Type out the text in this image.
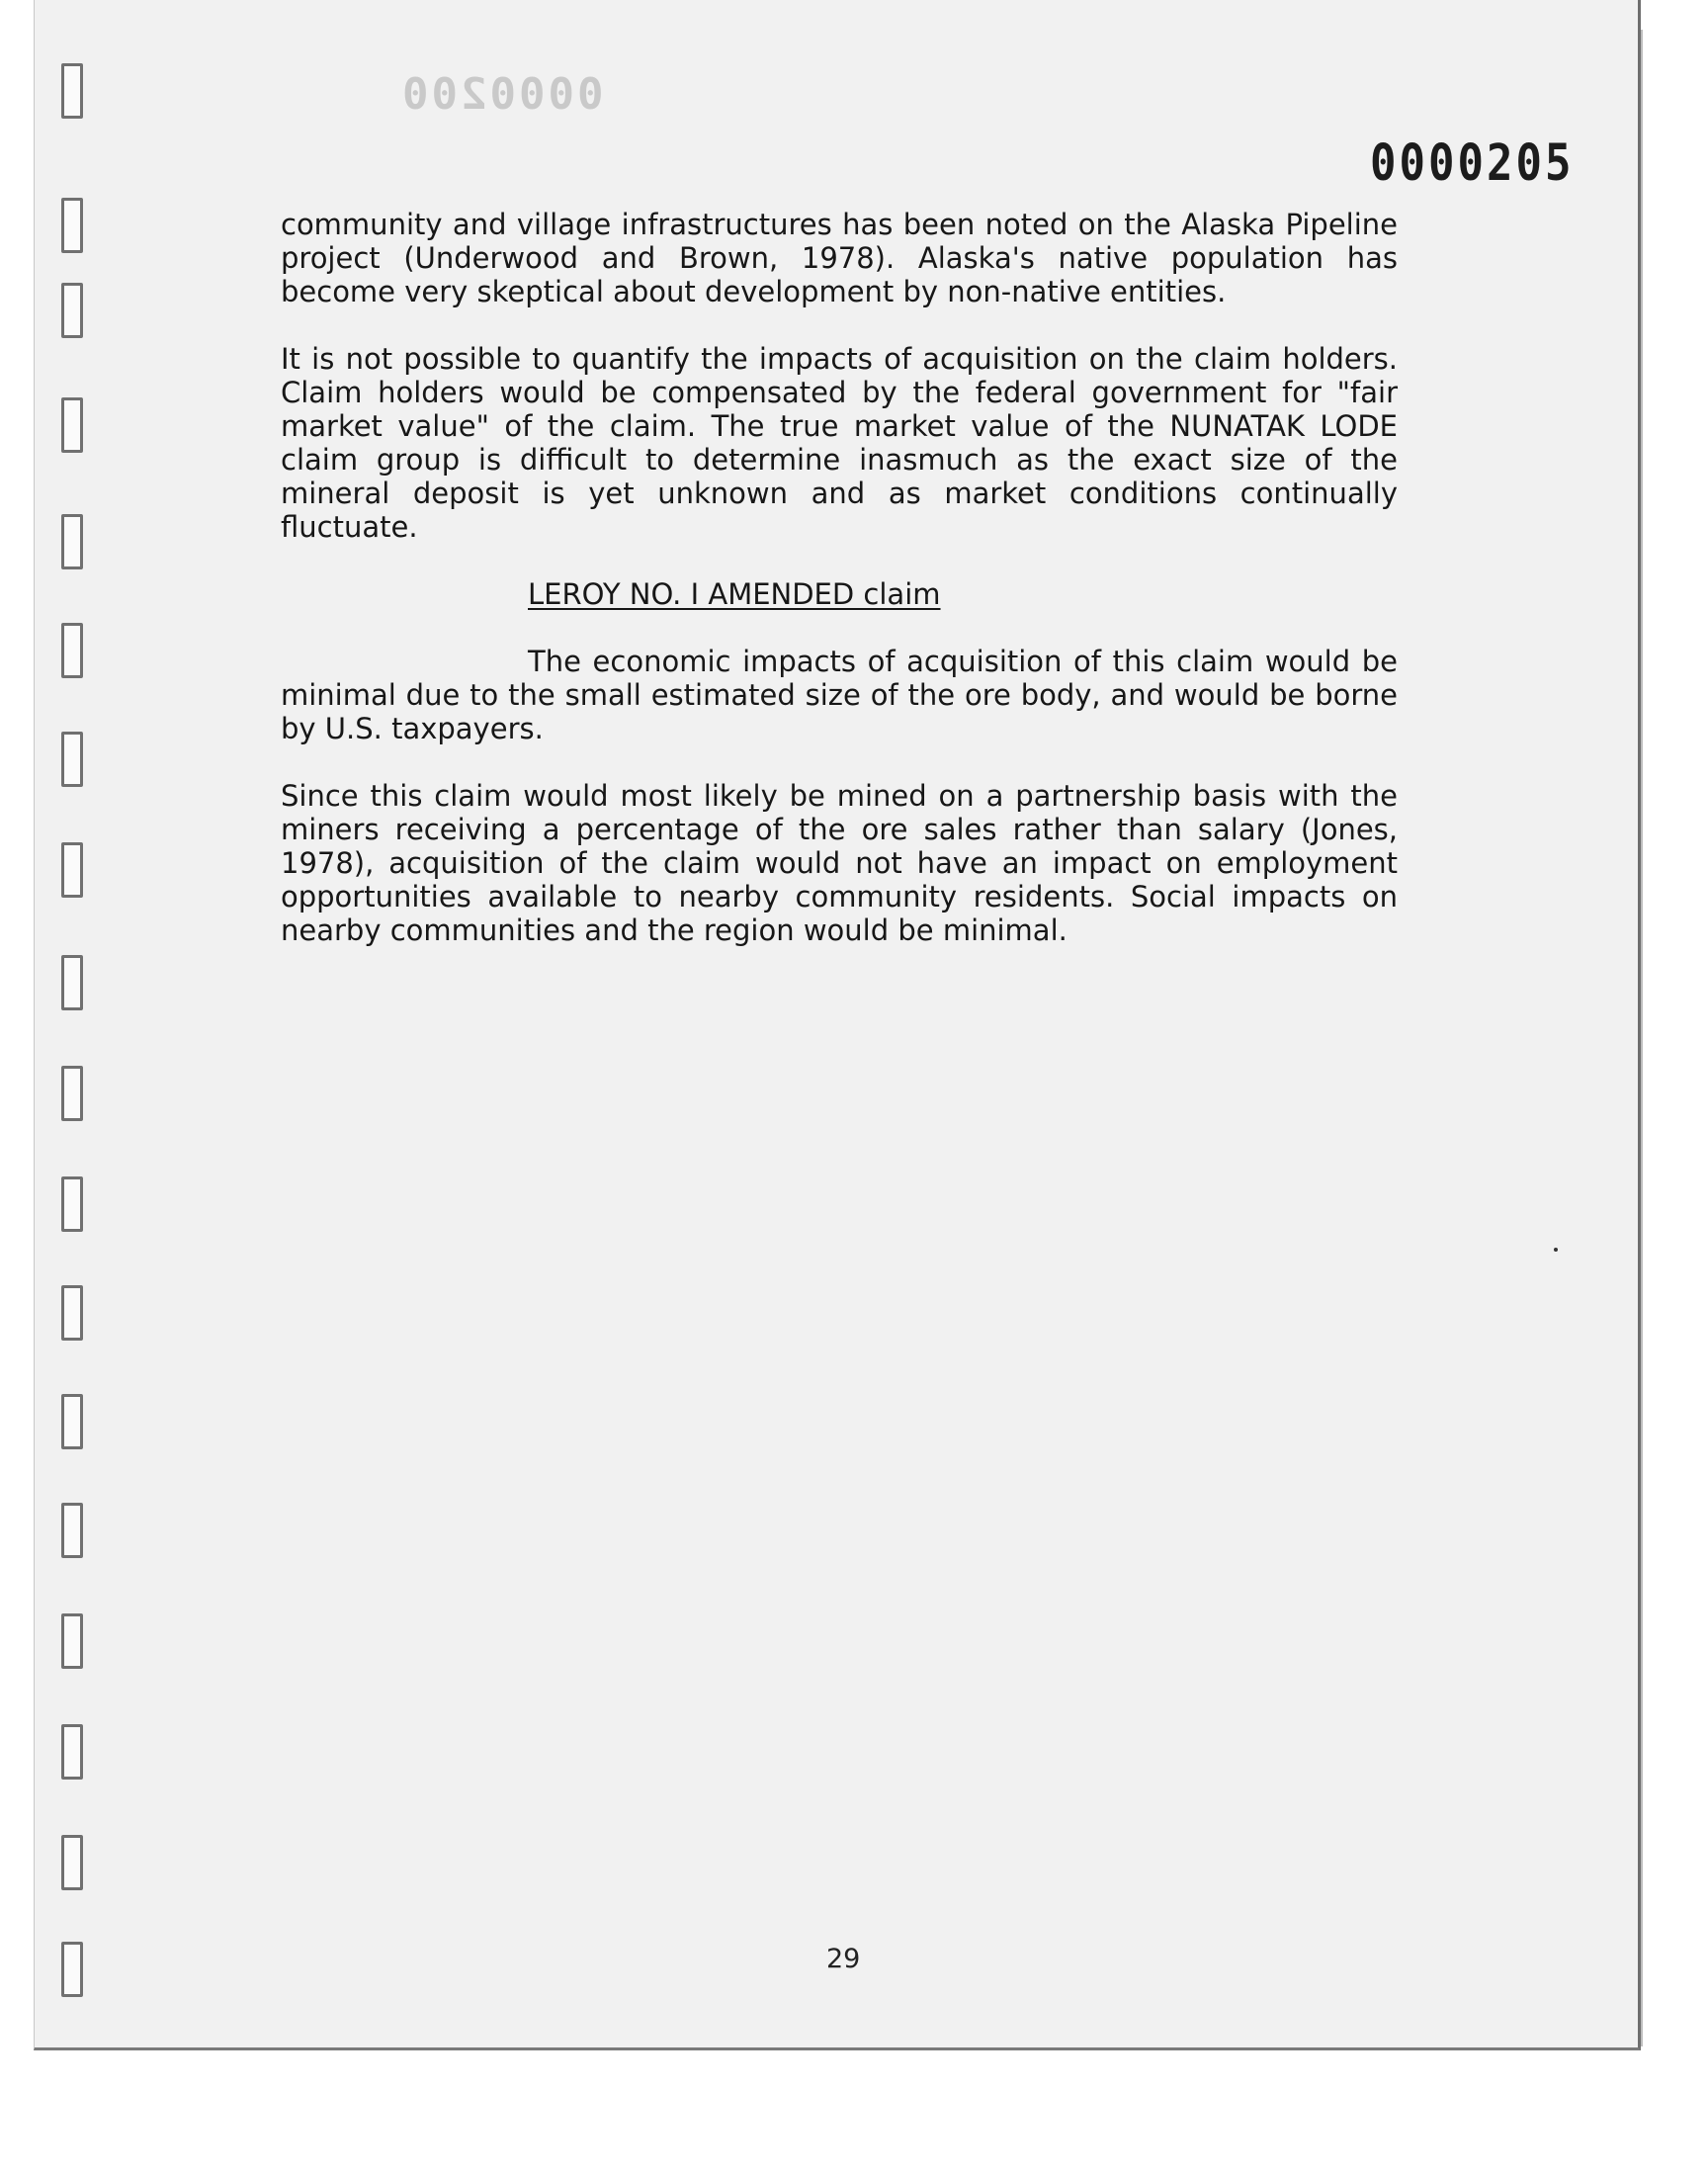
0000200
0000205

community and village infrastructures has been noted on the Alaska Pipeline project (Underwood and Brown, 1978). Alaska's native population has become very skeptical about development by non-native entities.

It is not possible to quantify the impacts of acquisition on the claim holders. Claim holders would be compensated by the federal government for "fair market value" of the claim. The true market value of the NUNATAK LODE claim group is difficult to determine inasmuch as the exact size of the mineral deposit is yet unknown and as market conditions continually fluctuate.

LEROY NO. I AMENDED claim

The economic impacts of acquisition of this claim would be minimal due to the small estimated size of the ore body, and would be borne by U.S. taxpayers.

Since this claim would most likely be mined on a partnership basis with the miners receiving a percentage of the ore sales rather than salary (Jones, 1978), acquisition of the claim would not have an impact on employment opportunities available to nearby community residents. Social impacts on nearby communities and the region would be minimal.

29
